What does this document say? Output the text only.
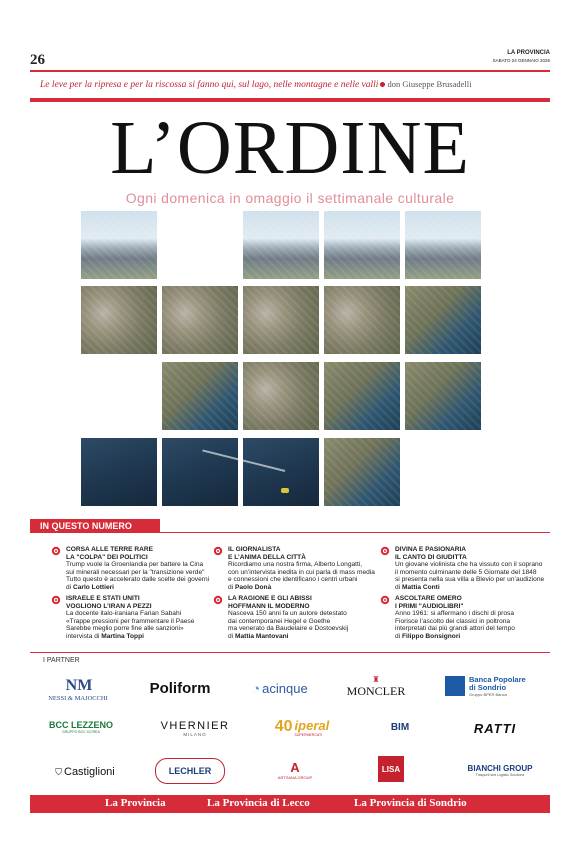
26	LA PROVINCIA
SABATO 24 GENNAIO 2026
Le leve per la ripresa e per la riscossa si fanno qui, sul lago, nelle montagne e nelle valli don Giuseppe Brusadelli
L’ORDINE
Ogni domenica in omaggio il settimanale culturale
IN QUESTO NUMERO
CORSA ALLE TERRE RARE
LA "COLPA" DEI POLITICI
Trump vuole la Groenlandia per battere la Cina
sui minerali necessari per la "transizione verde"
Tutto questo è accelerato dalle scelte dei governi
di Carlo Lottieri
IL GIORNALISTA
E L’ANIMA DELLA CITTÀ
Ricordiamo una nostra firma, Alberto Longatti,
con un’intervista inedita in cui parla di mass media
e connessioni che identificano i centri urbani
di Paolo Donà
DIVINA E PASIONARIA
IL CANTO DI GIUDITTA
Un giovane violinista che ha vissuto con il soprano
il momento culminante delle 5 Giornate del 1848
si presenta nella sua villa a Blevio per un’audizione
di Mattia Conti
ISRAELE E STATI UNITI
VOGLIONO L’IRAN A PEZZI
La docente italo-iraniana Farian Sabahi
«Trappe pressioni per frammentare il Paese
Sarebbe meglio porre fine alle sanzioni»
intervista di Martina Toppi
LA RAGIONE E GLI ABISSI
HOFFMANN IL MODERNO
Nasceva 150 anni fa un autore detestato
dai contemporanei Hegel e Goethe
ma venerato da Baudelaire e Dostoevskij
di Mattia Mantovani
ASCOLTARE OMERO
I PRIMI "AUDIOLIBRI"
Anno 1961: si affermano i dischi di prosa
Fiorisce l’ascolto dei classici in poltrona
interpretati dai più grandi attori del tempo
di Filippo Bonsignori
I PARTNER
N M
NESSI & MAJOCCHI
Poliform	◔ acinque
♜
MONCLER
Banca Popolare di Sondrio
Gruppo BPER Banca
BCC LEZZENO
GRUPPO BCC ICCREA
VHERNIER
MILANO	40 iperal
SUPERMERCATI
BIM	RATTI
⛉ Castiglioni	LECHLER	A
ARTSANA GROUP
LISA	BIANCHI GROUP
Trasporti sed Logistic Solutions
La Provincia	La Provincia di Lecco	La Provincia di Sondrio
